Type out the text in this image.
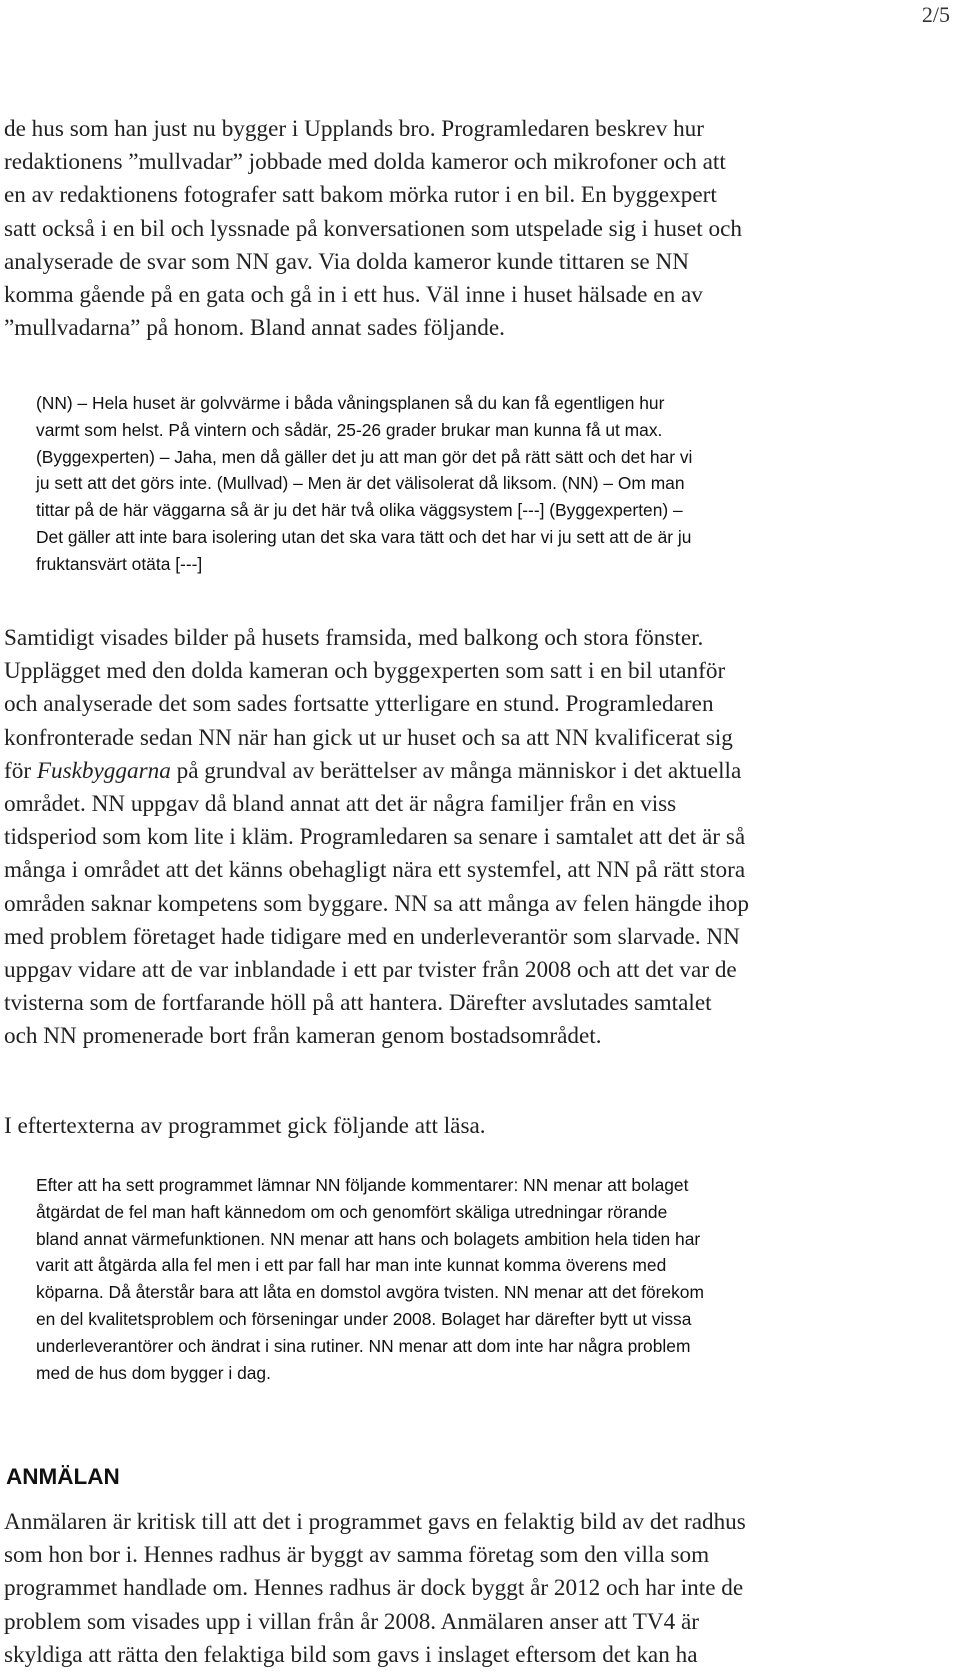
2/5
de hus som han just nu bygger i Upplands bro. Programledaren beskrev hur
redaktionens ”mullvadar” jobbade med dolda kameror och mikrofoner och att
en av redaktionens fotografer satt bakom mörka rutor i en bil. En byggexpert
satt också i en bil och lyssnade på konversationen som utspelade sig i huset och
analyserade de svar som NN gav. Via dolda kameror kunde tittaren se NN
komma gående på en gata och gå in i ett hus. Väl inne i huset hälsade en av
”mullvadarna” på honom. Bland annat sades följande.
(NN) – Hela huset är golvvärme i båda våningsplanen så du kan få egentligen hur
varmt som helst. På vintern och sådär, 25-26 grader brukar man kunna få ut max.
(Byggexperten) – Jaha, men då gäller det ju att man gör det på rätt sätt och det har vi
ju sett att det görs inte. (Mullvad) – Men är det välisolerat då liksom. (NN) – Om man
tittar på de här väggarna så är ju det här två olika väggsystem [---] (Byggexperten) –
Det gäller att inte bara isolering utan det ska vara tätt och det har vi ju sett att de är ju
fruktansvärt otäta [---]
Samtidigt visades bilder på husets framsida, med balkong och stora fönster.
Upplägget med den dolda kameran och byggexperten som satt i en bil utanför
och analyserade det som sades fortsatte ytterligare en stund. Programledaren
konfronterade sedan NN när han gick ut ur huset och sa att NN kvalificerat sig
för Fuskbyggarna på grundval av berättelser av många människor i det aktuella
området. NN uppgav då bland annat att det är några familjer från en viss
tidsperiod som kom lite i kläm. Programledaren sa senare i samtalet att det är så
många i området att det känns obehagligt nära ett systemfel, att NN på rätt stora
områden saknar kompetens som byggare. NN sa att många av felen hängde ihop
med problem företaget hade tidigare med en underleverantör som slarvade. NN
uppgav vidare att de var inblandade i ett par tvister från 2008 och att det var de
tvisterna som de fortfarande höll på att hantera. Därefter avslutades samtalet
och NN promenerade bort från kameran genom bostadsområdet.
I eftertexterna av programmet gick följande att läsa.
Efter att ha sett programmet lämnar NN följande kommentarer: NN menar att bolaget
åtgärdat de fel man haft kännedom om och genomfört skäliga utredningar rörande
bland annat värmefunktionen. NN menar att hans och bolagets ambition hela tiden har
varit att åtgärda alla fel men i ett par fall har man inte kunnat komma överens med
köparna. Då återstår bara att låta en domstol avgöra tvisten. NN menar att det förekom
en del kvalitetsproblem och förseningar under 2008. Bolaget har därefter bytt ut vissa
underleverantörer och ändrat i sina rutiner. NN menar att dom inte har några problem
med de hus dom bygger i dag.
ANMÄLAN
Anmälaren är kritisk till att det i programmet gavs en felaktig bild av det radhus
som hon bor i. Hennes radhus är byggt av samma företag som den villa som
programmet handlade om. Hennes radhus är dock byggt år 2012 och har inte de
problem som visades upp i villan från år 2008. Anmälaren anser att TV4 är
skyldiga att rätta den felaktiga bild som gavs i inslaget eftersom det kan ha
